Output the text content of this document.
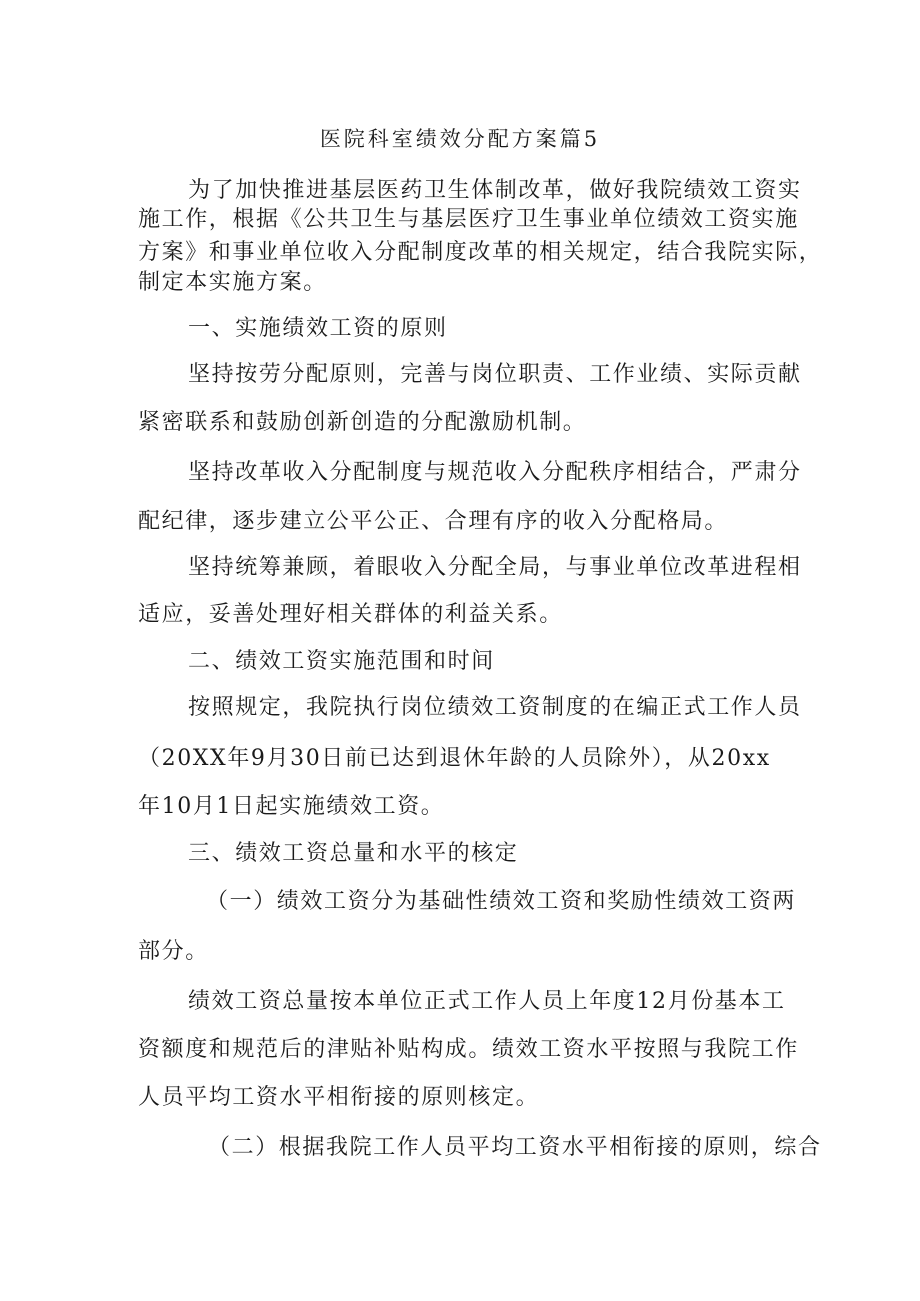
医院科室绩效分配方案篇5
为了加快推进基层医药卫生体制改革，做好我院绩效工资实
施工作，根据《公共卫生与基层医疗卫生事业单位绩效工资实施
方案》和事业单位收入分配制度改革的相关规定，结合我院实际，
制定本实施方案。
一、实施绩效工资的原则
坚持按劳分配原则，完善与岗位职责、工作业绩、实际贡献
紧密联系和鼓励创新创造的分配激励机制。
坚持改革收入分配制度与规范收入分配秩序相结合，严肃分
配纪律，逐步建立公平公正、合理有序的收入分配格局。
坚持统筹兼顾，着眼收入分配全局，与事业单位改革进程相
适应，妥善处理好相关群体的利益关系。
二、绩效工资实施范围和时间
按照规定，我院执行岗位绩效工资制度的在编正式工作人员
（20XX年9月30日前已达到退休年龄的人员除外），从20xx
年10月1日起实施绩效工资。
三、绩效工资总量和水平的核定
（一）绩效工资分为基础性绩效工资和奖励性绩效工资两
部分。
绩效工资总量按本单位正式工作人员上年度12月份基本工
资额度和规范后的津贴补贴构成。绩效工资水平按照与我院工作
人员平均工资水平相衔接的原则核定。
（二）根据我院工作人员平均工资水平相衔接的原则，综合
